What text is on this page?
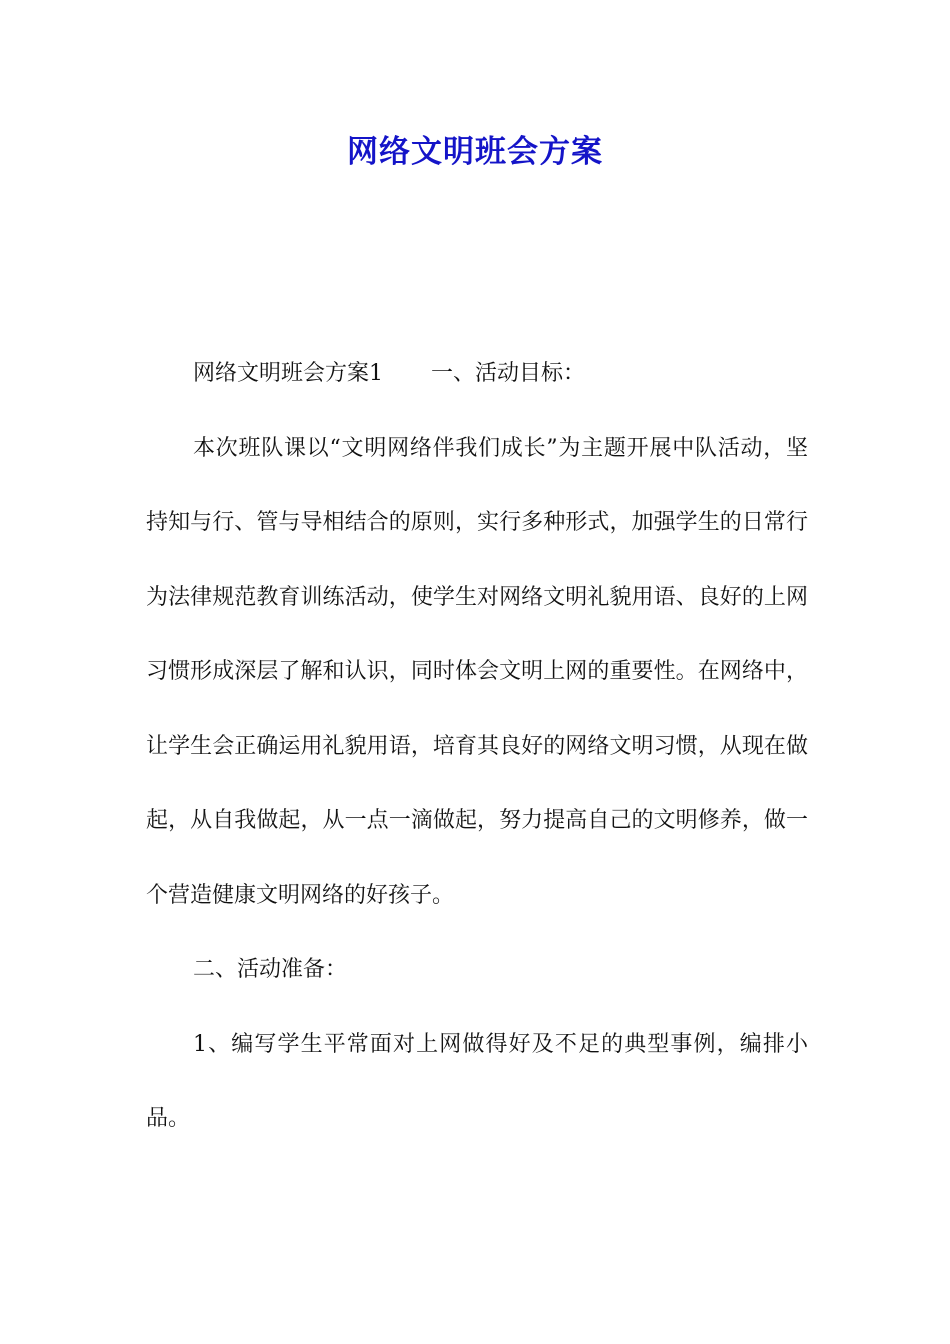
网络文明班会方案

网络文明班会方案1 一、活动目标：

本次班队课以“文明网络伴我们成长”为主题开展中队活动，坚持知与行、管与导相结合的原则，实行多种形式，加强学生的日常行为法律规范教育训练活动，使学生对网络文明礼貌用语、良好的上网习惯形成深层了解和认识，同时体会文明上网的重要性。在网络中，让学生会正确运用礼貌用语，培育其良好的网络文明习惯，从现在做起，从自我做起，从一点一滴做起，努力提高自己的文明修养，做一个营造健康文明网络的好孩子。

二、活动准备：

1、编写学生平常面对上网做得好及不足的典型事例，编排小品。
